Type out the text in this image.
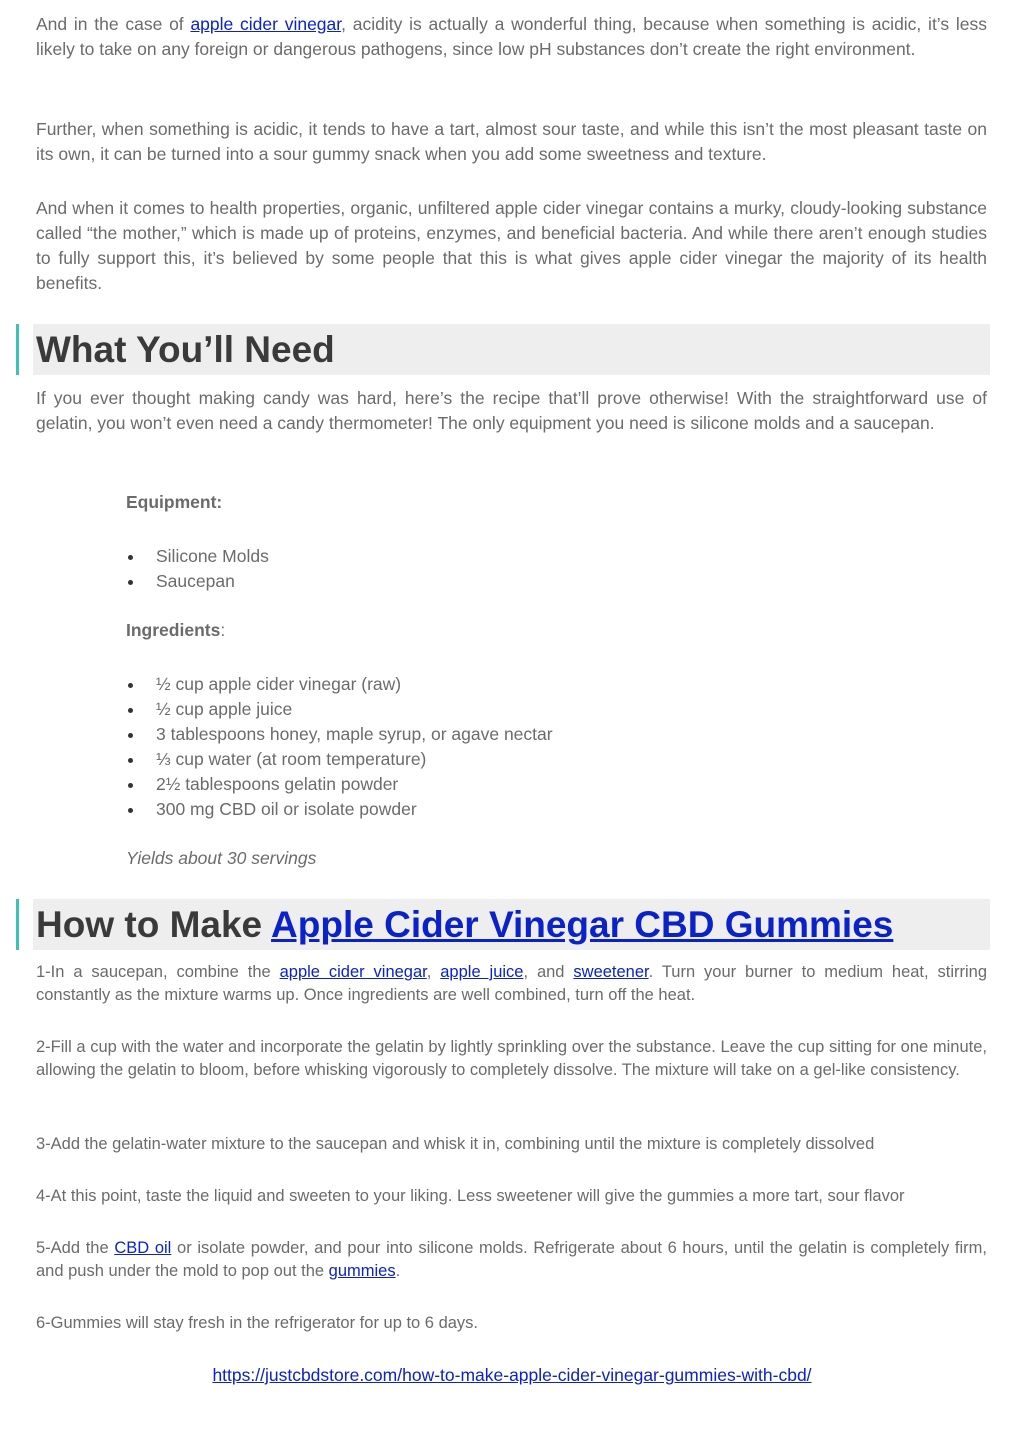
And in the case of apple cider vinegar, acidity is actually a wonderful thing, because when something is acidic, it’s less likely to take on any foreign or dangerous pathogens, since low pH substances don’t create the right environment.

Further, when something is acidic, it tends to have a tart, almost sour taste, and while this isn’t the most pleasant taste on its own, it can be turned into a sour gummy snack when you add some sweetness and texture.

And when it comes to health properties, organic, unfiltered apple cider vinegar contains a murky, cloudy-looking substance called “the mother,” which is made up of proteins, enzymes, and beneficial bacteria. And while there aren’t enough studies to fully support this, it’s believed by some people that this is what gives apple cider vinegar the majority of its health benefits.

What You’ll Need

If you ever thought making candy was hard, here’s the recipe that’ll prove otherwise! With the straightforward use of gelatin, you won’t even need a candy thermometer! The only equipment you need is silicone molds and a saucepan.

Equipment:
Silicone Molds
Saucepan
Ingredients:
½ cup apple cider vinegar (raw)
½ cup apple juice
3 tablespoons honey, maple syrup, or agave nectar
⅓ cup water (at room temperature)
2½ tablespoons gelatin powder
300 mg CBD oil or isolate powder
Yields about 30 servings
How to Make Apple Cider Vinegar CBD Gummies

1-In a saucepan, combine the apple cider vinegar, apple juice, and sweetener. Turn your burner to medium heat, stirring constantly as the mixture warms up. Once ingredients are well combined, turn off the heat.

2-Fill a cup with the water and incorporate the gelatin by lightly sprinkling over the substance. Leave the cup sitting for one minute, allowing the gelatin to bloom, before whisking vigorously to completely dissolve. The mixture will take on a gel-like consistency.

3-Add the gelatin-water mixture to the saucepan and whisk it in, combining until the mixture is completely dissolved

4-At this point, taste the liquid and sweeten to your liking. Less sweetener will give the gummies a more tart, sour flavor

5-Add the CBD oil or isolate powder, and pour into silicone molds. Refrigerate about 6 hours, until the gelatin is completely firm, and push under the mold to pop out the gummies.

6-Gummies will stay fresh in the refrigerator for up to 6 days.

https://justcbdstore.com/how-to-make-apple-cider-vinegar-gummies-with-cbd/
